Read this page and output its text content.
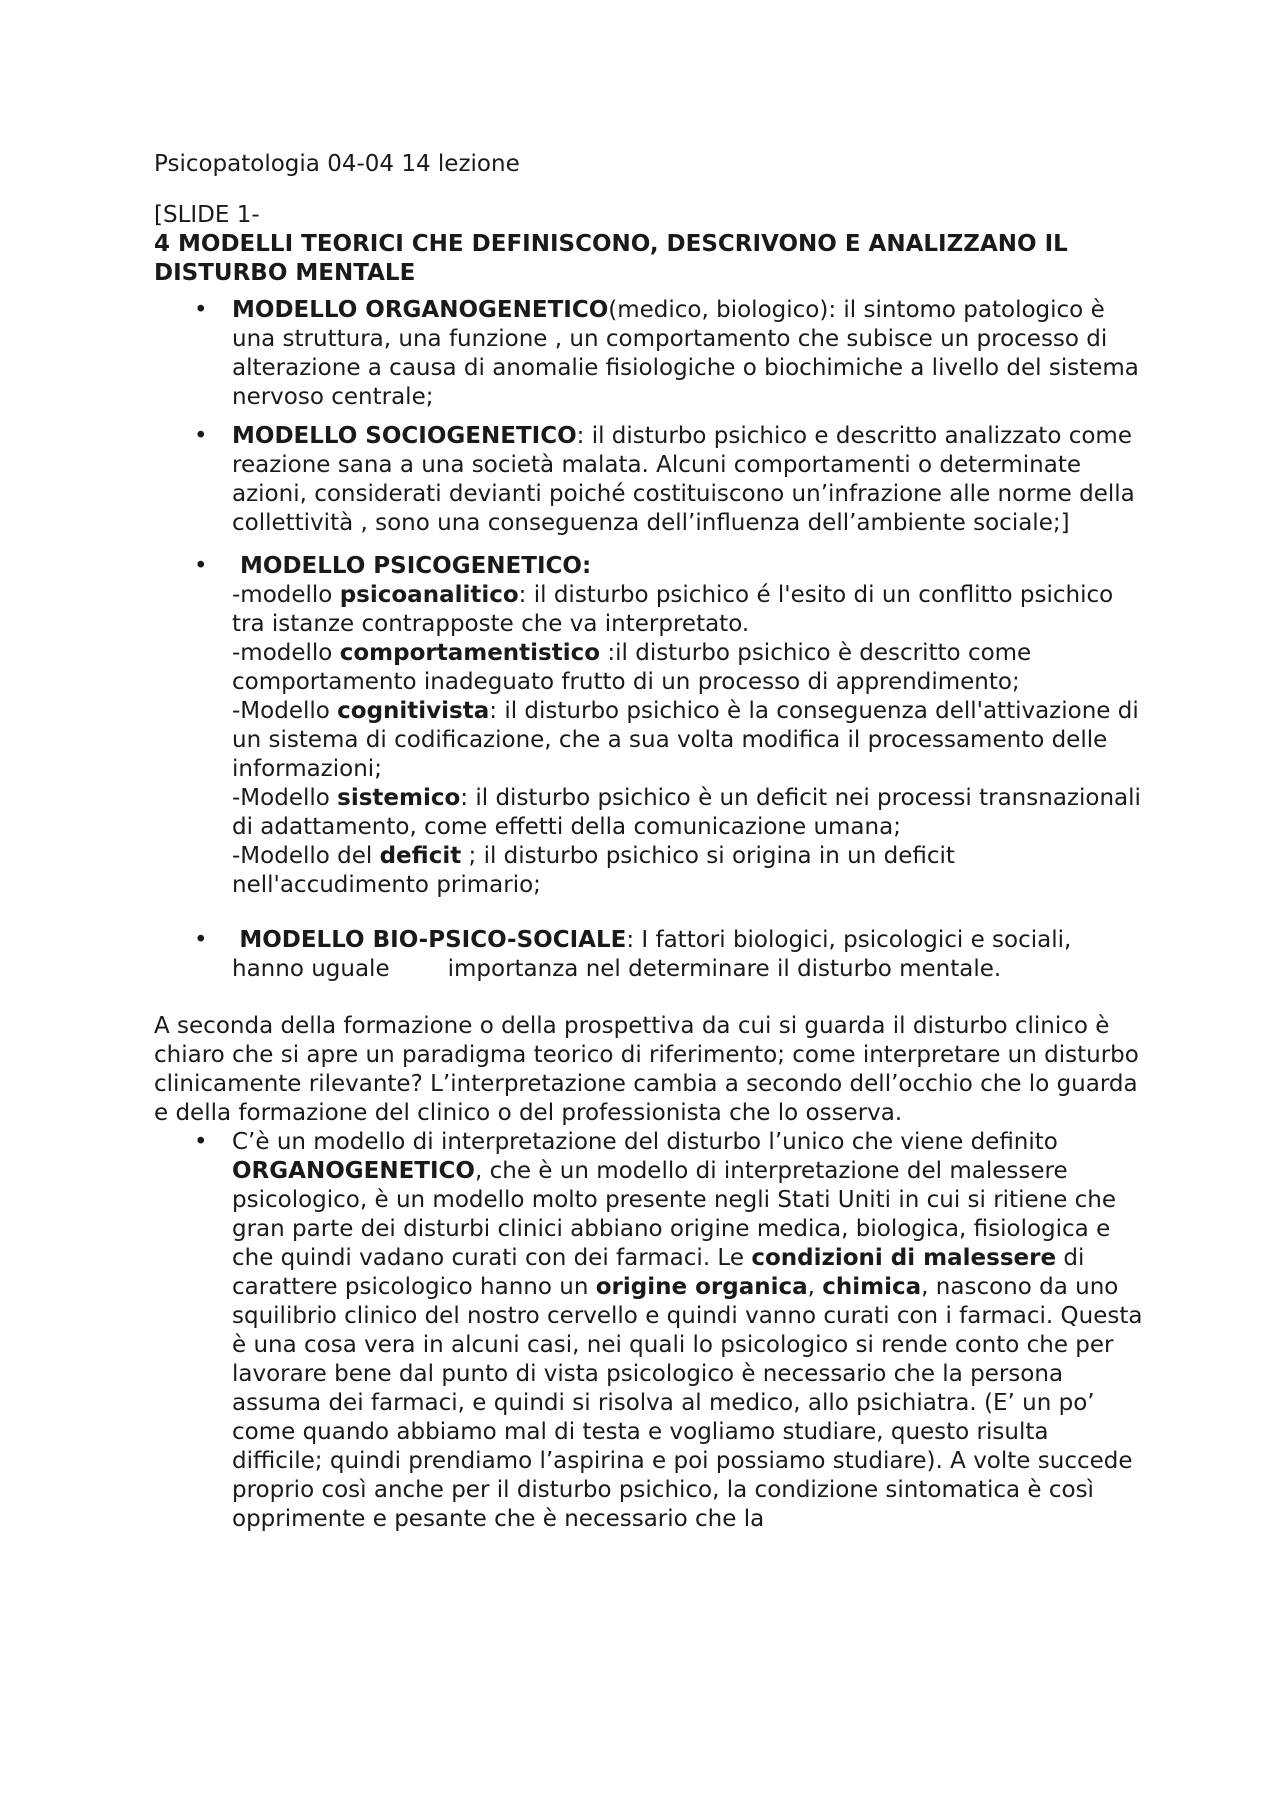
Psicopatologia 04-04 14 lezione

[SLIDE 1-

4 MODELLI TEORICI CHE DEFINISCONO, DESCRIVONO E ANALIZZANO IL DISTURBO MENTALE

• MODELLO ORGANOGENETICO(medico, biologico): il sintomo patologico è una struttura, una funzione , un comportamento che subisce un processo di alterazione a causa di anomalie fisiologiche o biochimiche a livello del sistema nervoso centrale;
• MODELLO SOCIOGENETICO: il disturbo psichico e descritto analizzato come reazione sana a una società malata. Alcuni comportamenti o determinate azioni, considerati devianti poiché costituiscono un’infrazione alle norme della collettività , sono una conseguenza dell’influenza dell’ambiente sociale;]
•	MODELLO PSICOGENETICO:
-modello psicoanalitico: il disturbo psichico é l'esito di un conflitto psichico tra istanze contrapposte che va interpretato.
-modello comportamentistico :il disturbo psichico è descritto come comportamento inadeguato frutto di un processo di apprendimento;
-Modello cognitivista: il disturbo psichico è la conseguenza dell'attivazione di un sistema di codificazione, che a sua volta modifica il processamento delle informazioni;
-Modello sistemico: il disturbo psichico è un deficit nei processi transnazionali di adattamento, come effetti della comunicazione umana;
-Modello del deficit ; il disturbo psichico si origina in un deficit nell'accudimento primario;
• MODELLO BIO-PSICO-SOCIALE: I fattori biologici, psicologici e sociali, hanno uguale	importanza nel determinare il disturbo mentale.

A seconda della formazione o della prospettiva da cui si guarda il disturbo clinico è chiaro che si apre un paradigma teorico di riferimento; come interpretare un disturbo clinicamente rilevante? L’interpretazione cambia a secondo dell’occhio che lo guarda e della formazione del clinico o del professionista che lo osserva.

• C’è un modello di interpretazione del disturbo l’unico che viene definito ORGANOGENETICO, che è un modello di interpretazione del malessere psicologico, è un modello molto presente negli Stati Uniti in cui si ritiene che gran parte dei disturbi clinici abbiano origine medica, biologica, fisiologica e che quindi vadano curati con dei farmaci. Le condizioni di malessere di carattere psicologico hanno un origine organica, chimica, nascono da uno squilibrio clinico del nostro cervello e quindi vanno curati con i farmaci. Questa è una cosa vera in alcuni casi, nei quali lo psicologico si rende conto che per lavorare bene dal punto di vista psicologico è necessario che la persona assuma dei farmaci, e quindi si risolva al medico, allo psichiatra. (E’ un po’ come quando abbiamo mal di testa e vogliamo studiare, questo risulta difficile; quindi prendiamo l’aspirina e poi possiamo studiare). A volte succede proprio così anche per il disturbo psichico, la condizione sintomatica è così opprimente e pesante che è necessario che la
